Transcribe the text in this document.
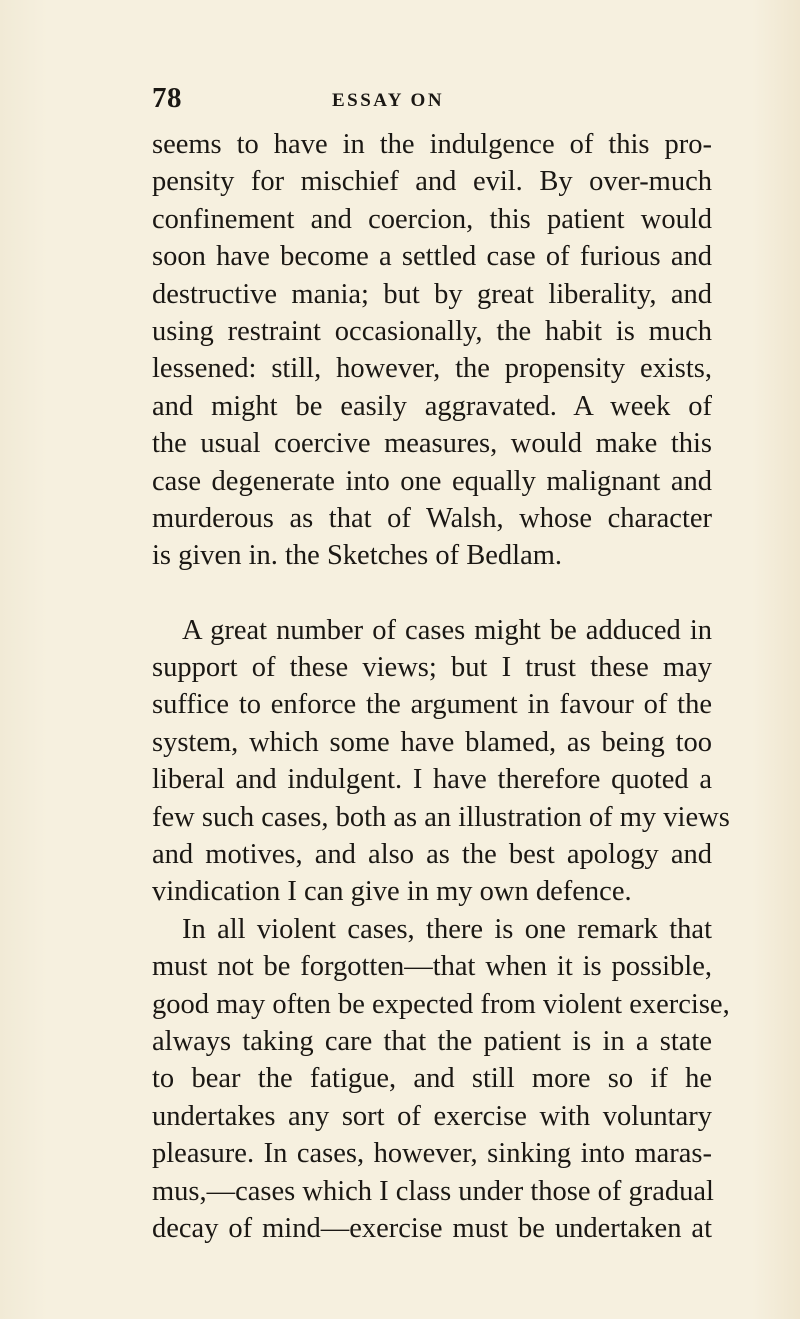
78	ESSAY ON
seems to have in the indulgence of this pro-
pensity for mischief and evil. By over-much
confinement and coercion, this patient would
soon have become a settled case of furious and
destructive mania; but by great liberality, and
using restraint occasionally, the habit is much
lessened: still, however, the propensity exists,
and might be easily aggravated. A week of
the usual coercive measures, would make this
case degenerate into one equally malignant and
murderous as that of Walsh, whose character
is given in. the Sketches of Bedlam.
A great number of cases might be adduced in
support of these views; but I trust these may
suffice to enforce the argument in favour of the
system, which some have blamed, as being too
liberal and indulgent. I have therefore quoted a
few such cases, both as an illustration of my views
and motives, and also as the best apology and
vindication I can give in my own defence.
In all violent cases, there is one remark that
must not be forgotten—that when it is possible,
good may often be expected from violent exercise,
always taking care that the patient is in a state
to bear the fatigue, and still more so if he
undertakes any sort of exercise with voluntary
pleasure. In cases, however, sinking into maras-
mus,—cases which I class under those of gradual
decay of mind—exercise must be undertaken at
